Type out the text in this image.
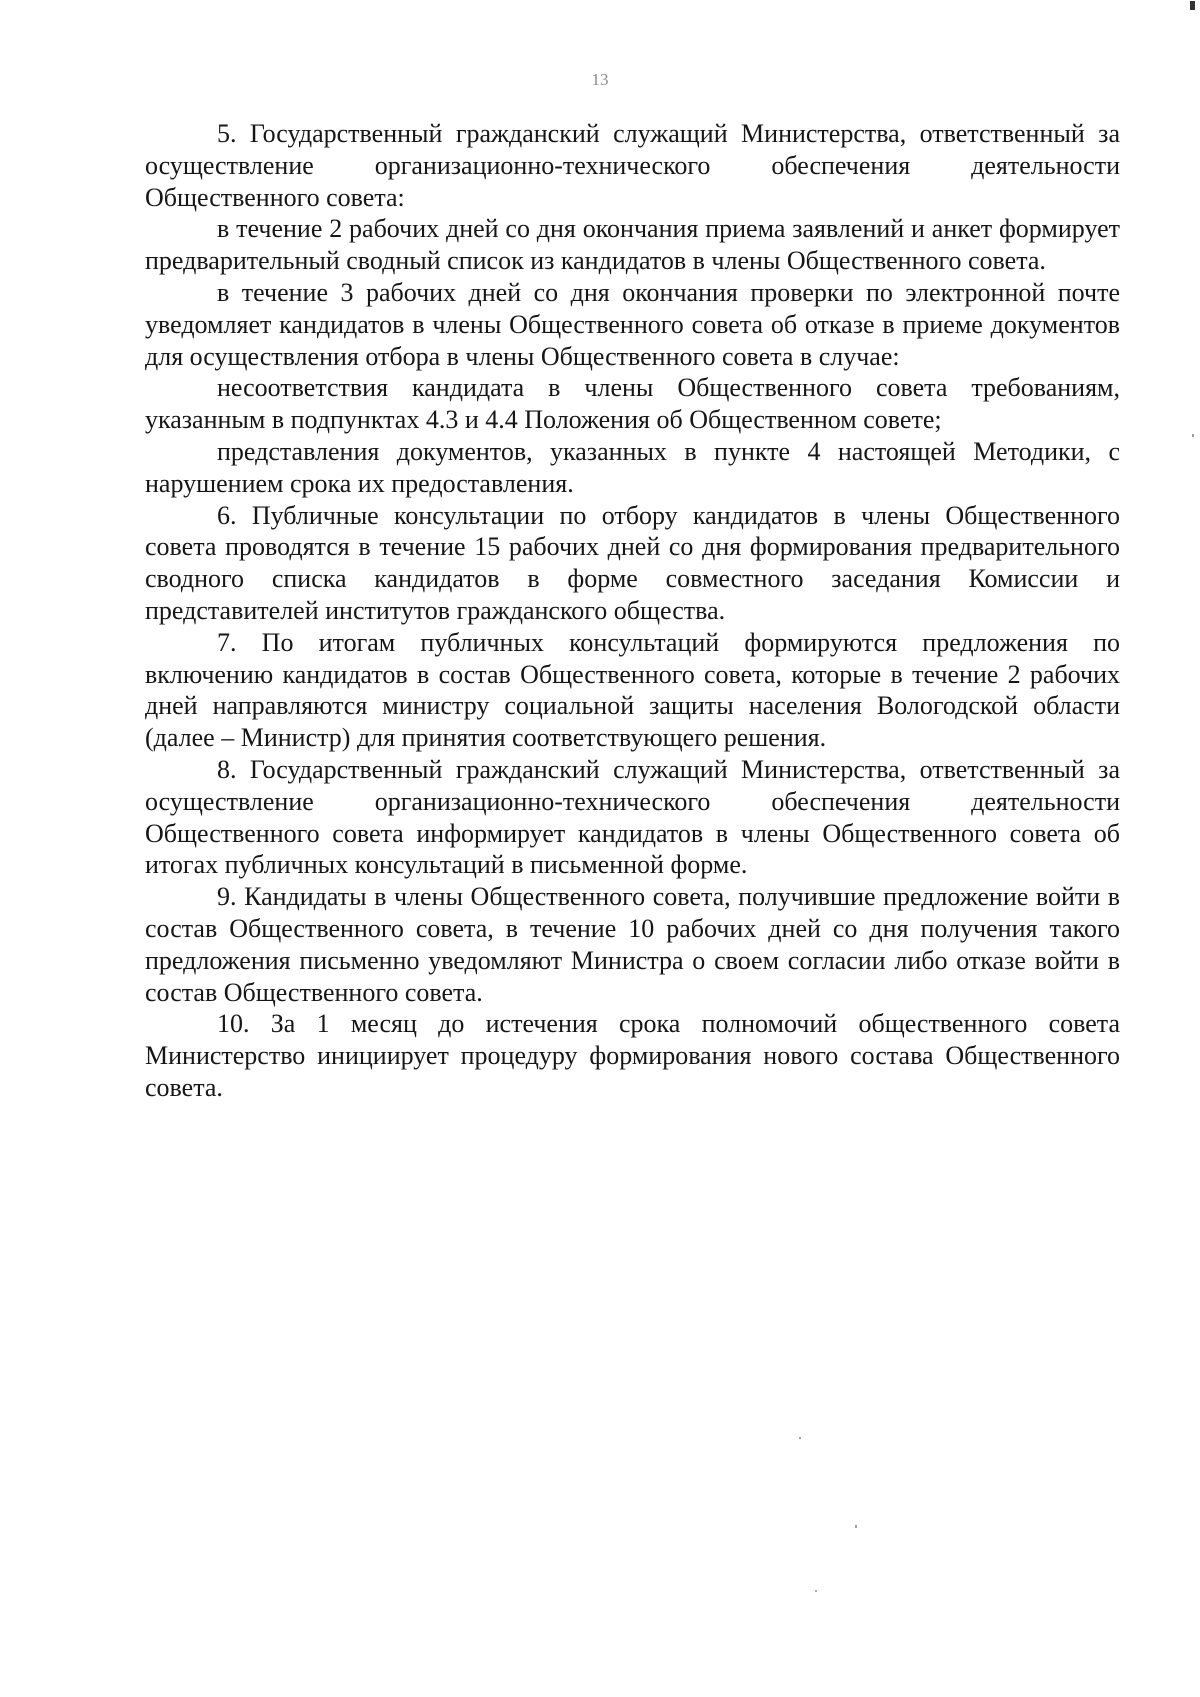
13

5. Государственный гражданский служащий Министерства, ответственный за осуществление организационно-технического обеспечения деятельности Общественного совета:

в течение 2 рабочих дней со дня окончания приема заявлений и анкет формирует предварительный сводный список из кандидатов в члены Общественного совета.

в течение 3 рабочих дней со дня окончания проверки по электронной почте уведомляет кандидатов в члены Общественного совета об отказе в приеме документов для осуществления отбора в члены Общественного совета в случае:

несоответствия кандидата в члены Общественного совета требованиям, указанным в подпунктах 4.3 и 4.4 Положения об Общественном совете;

представления документов, указанных в пункте 4 настоящей Методики, с нарушением срока их предоставления.

6. Публичные консультации по отбору кандидатов в члены Общественного совета проводятся в течение 15 рабочих дней со дня формирования предварительного сводного списка кандидатов в форме совместного заседания Комиссии и представителей институтов гражданского общества.

7. По итогам публичных консультаций формируются предложения по включению кандидатов в состав Общественного совета, которые в течение 2 рабочих дней направляются министру социальной защиты населения Вологодской области (далее – Министр) для принятия соответствующего решения.

8. Государственный гражданский служащий Министерства, ответственный за осуществление организационно-технического обеспечения деятельности Общественного совета информирует кандидатов в члены Общественного совета об итогах публичных консультаций в письменной форме.

9. Кандидаты в члены Общественного совета, получившие предложение войти в состав Общественного совета, в течение 10 рабочих дней со дня получения такого предложения письменно уведомляют Министра о своем согласии либо отказе войти в состав Общественного совета.

10. За 1 месяц до истечения срока полномочий общественного совета Министерство инициирует процедуру формирования нового состава Общественного совета.
